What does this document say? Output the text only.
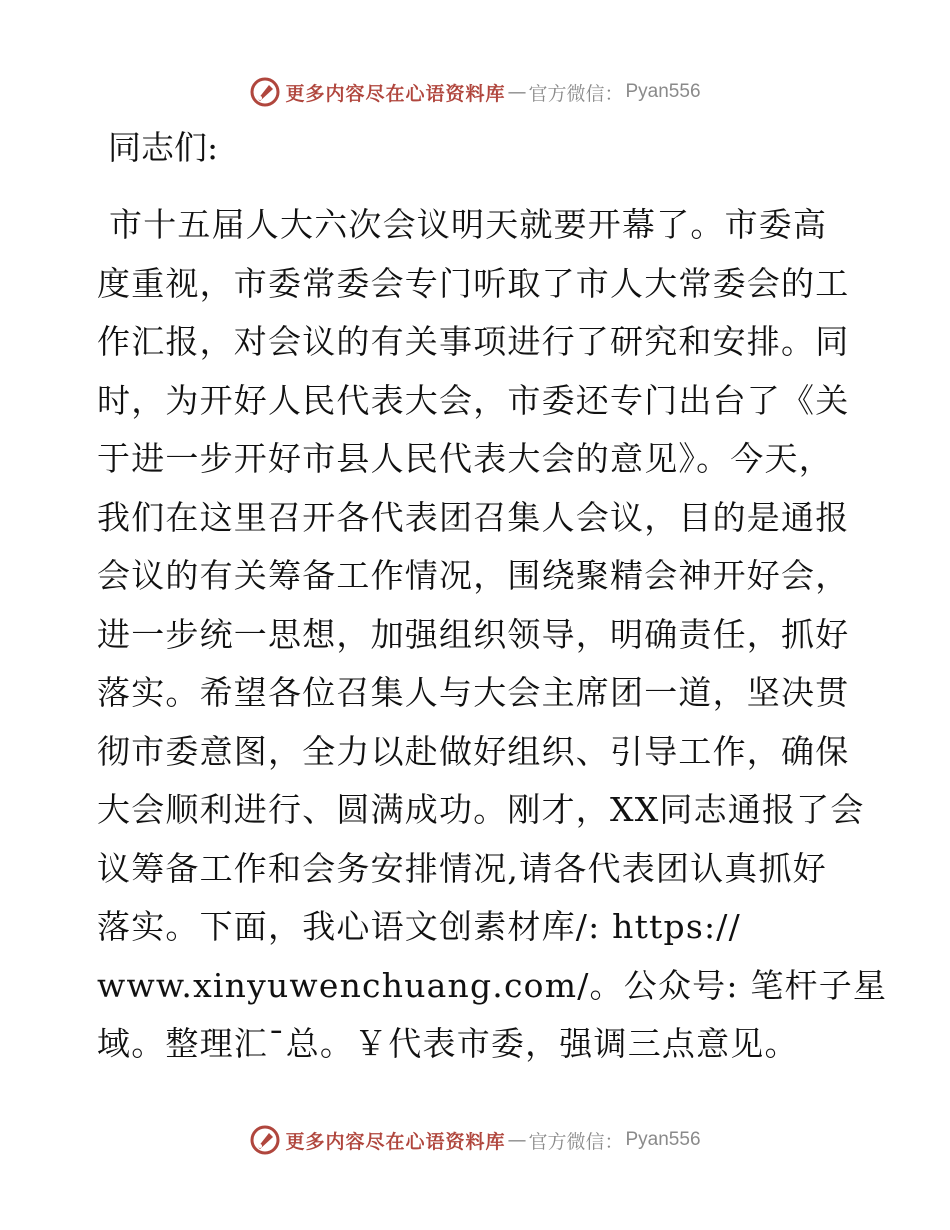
更多内容尽在心语资料库 — 官方微信： Pyan556
同志们:
市十五届人大六次会议明天就要开幕了。市委高
度重视，市委常委会专门听取了市人大常委会的工
作汇报，对会议的有关事项进行了研究和安排。同
时，为开好人民代表大会，市委还专门出台了《关
于进一步开好市县人民代表大会的意见》。今天，
我们在这里召开各代表团召集人会议，目的是通报
会议的有关筹备工作情况，围绕聚精会神开好会，
进一步统一思想，加强组织领导，明确责任，抓好
落实。希望各位召集人与大会主席团一道，坚决贯
彻市委意图，全力以赴做好组织、引导工作，确保
大会顺利进行、圆满成功。刚才，XX同志通报了会
议筹备工作和会务安排情况,请各代表团认真抓好
落实。下面，我心语文创素材库/: https://
www.xinyuwenchuang.com/。公众号: 笔杆子星
域。整理汇¯总。￥代表市委，强调三点意见。
更多内容尽在心语资料库 — 官方微信： Pyan556
